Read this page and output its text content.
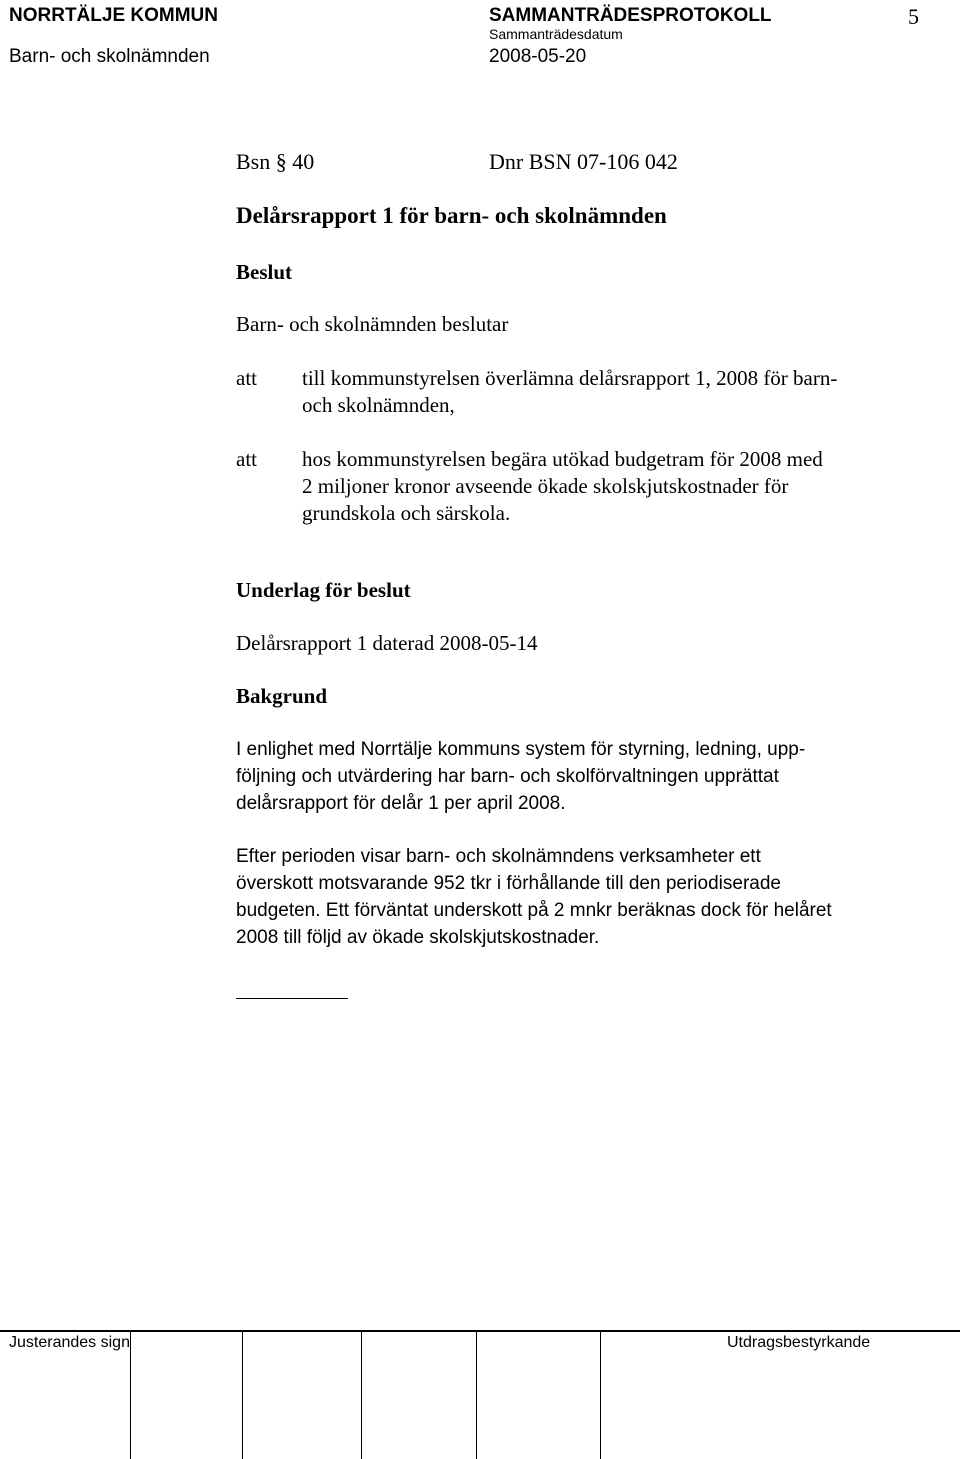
NORRTÄLJE KOMMUN
Barn- och skolnämnden
SAMMANTRÄDESPROTOKOLL
Sammanträdesdatum
2008-05-20
5
Bsn § 40	Dnr BSN 07-106 042
Delårsrapport 1 för barn- och skolnämnden
Beslut
Barn- och skolnämnden beslutar
att till kommunstyrelsen överlämna delårsrapport 1, 2008 för barn-
och skolnämnden,
att hos kommunstyrelsen begära utökad budgetram för 2008 med
2 miljoner kronor avseende ökade skolskjutskostnader för
grundskola och särskola.
Underlag för beslut
Delårsrapport 1 daterad 2008-05-14
Bakgrund
I enlighet med Norrtälje kommuns system för styrning, ledning, upp-
följning och utvärdering har barn- och skolförvaltningen upprättat
delårsrapport för delår 1 per april 2008.
Efter perioden visar barn- och skolnämndens verksamheter ett
överskott motsvarande 952 tkr i förhållande till den periodiserade
budgeten. Ett förväntat underskott på 2 mnkr beräknas dock för helåret
2008 till följd av ökade skolskjutskostnader.
Justerandes sign	Utdragsbestyrkande
